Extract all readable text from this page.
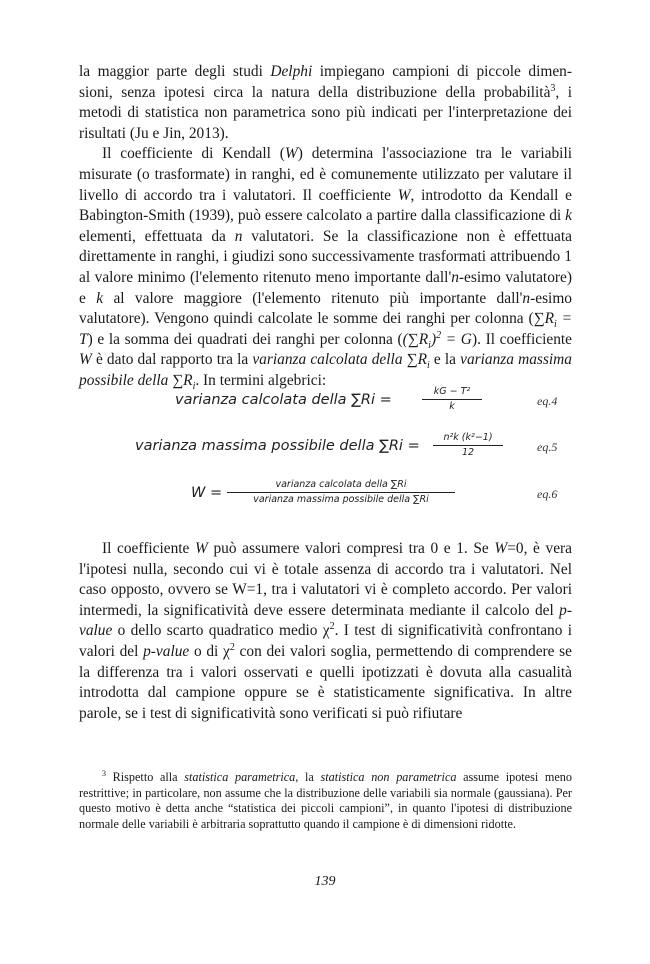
la maggior parte degli studi Delphi impiegano campioni di piccole dimen- sioni, senza ipotesi circa la natura della distribuzione della probabilità$^3$, i metodi di statistica non parametrica sono più indicati per l'interpretazione dei risultati (Ju e Jin, 2013).

Il coefficiente di Kendall (W) determina l'associazione tra le variabili misurate (o trasformate) in ranghi, ed è comunemente utilizzato per valutare il livello di accordo tra i valutatori. Il coefficiente W, introdotto da Kendall e Babington-Smith (1939), può essere calcolato a partire dalla classificazione di k elementi, effettuata da n valutatori. Se la classificazione non è effettuata direttamente in ranghi, i giudizi sono successivamente trasformati attribuendo 1 al valore minimo (l'elemento ritenuto meno importante dall'n-esimo valutatore) e k al valore maggiore (l'elemento ritenuto più importante dall'n-esimo valutatore). Vengono quindi calcolate le somme dei ranghi per colonna $(\sum R_i = T)$ e la somma dei quadrati dei ranghi per colonna $((\sum R_i)^2 = G)$. Il coefficiente W è dato dal rapporto tra la varianza calcolata della $\sum R_i$ e la varianza massima possibile della $\sum R_i$. In termini algebrici:

varianza calcolata della ∑Ri =
kG − T²
k	eq.4
varianza massima possibile della ∑Ri =
n²k (k²−1)
12	eq.5
W =
varianza calcolata della ∑Ri
varianza massima possibile della ∑Ri	eq.6

Il coefficiente W può assumere valori compresi tra 0 e 1. Se W=0, è vera l'ipotesi nulla, secondo cui vi è totale assenza di accordo tra i valutatori. Nel caso opposto, ovvero se W=1, tra i valutatori vi è completo accordo. Per valori intermedi, la significatività deve essere determinata mediante il calcolo del p-value o dello scarto quadratico medio $\chi^2$. I test di significatività confrontano i valori del p-value o di $\chi^2$ con dei valori soglia, permettendo di comprendere se la differenza tra i valori osservati e quelli ipotizzati è dovuta alla casualità introdotta dal campione oppure se è statisticamente significativa. In altre parole, se i test di significatività sono verificati si può rifiutare

$^3$ Rispetto alla statistica parametrica, la statistica non parametrica assume ipotesi meno restrittive; in particolare, non assume che la distribuzione delle variabili sia normale (gaussiana). Per questo motivo è detta anche “statistica dei piccoli campioni”, in quanto l'ipotesi di distribuzione normale delle variabili è arbitraria soprattutto quando il campione è di dimensioni ridotte.

139
